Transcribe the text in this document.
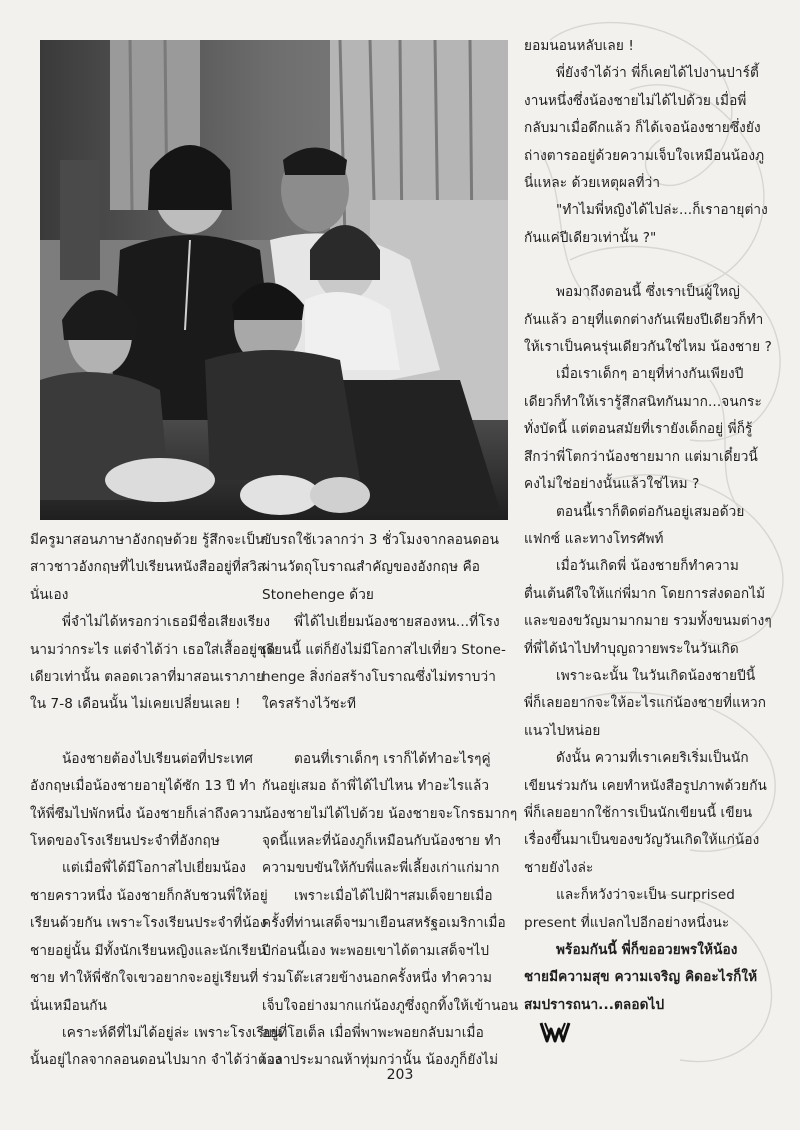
ยอมนอนหลับเลย !
พี่ยังจำได้ว่า พี่ก็เคยได้ไปงานปาร์ตี้
งานหนึ่งซึ่งน้องชายไม่ได้ไปด้วย เมื่อพี่
กลับมาเมื่อดึกแล้ว ก็ได้เจอน้องชายซึ่งยัง
ถ่างตารออยู่ด้วยความเจ็บใจเหมือนน้องภู
นี่แหละ ด้วยเหตุผลที่ว่า
"ทำไมพี่หญิงได้ไปล่ะ...ก็เราอายุต่าง
กันแค่ปีเดียวเท่านั้น ?"
พอมาถึงตอนนี้ ซึ่งเราเป็นผู้ใหญ่
กันแล้ว อายุที่แตกต่างกันเพียงปีเดียวก็ทำ
ให้เราเป็นคนรุ่นเดียวกันใช่ไหม น้องชาย ?
เมื่อเราเด็กๆ อายุที่ห่างกันเพียงปี
เดียวก็ทำให้เรารู้สึกสนิทกันมาก...จนกระ
ทั่งบัดนี้ แต่ตอนสมัยที่เรายังเด็กอยู่ พี่ก็รู้
สึกว่าพี่โตกว่าน้องชายมาก แต่มาเดี๋ยวนี้
คงไม่ใช่อย่างนั้นแล้วใช่ไหม ?
ตอนนี้เราก็ติดต่อกันอยู่เสมอด้วย
แฟกซ์ และทางโทรศัพท์
เมื่อวันเกิดพี่ น้องชายก็ทำความ
ตื่นเต้นดีใจให้แก่พี่มาก โดยการส่งดอกไม้
และของขวัญมามากมาย รวมทั้งขนมต่างๆ
ที่พี่ได้นำไปทำบุญถวายพระในวันเกิด
เพราะฉะนั้น ในวันเกิดน้องชายปีนี้
พี่ก็เลยอยากจะให้อะไรแก่น้องชายที่แหวก
แนวไปหน่อย
ดังนั้น ความที่เราเคยริเริ่มเป็นนัก
เขียนร่วมกัน เคยทำหนังสือรูปภาพด้วยกัน
พี่ก็เลยอยากใช้การเป็นนักเขียนนี้ เขียน
เรื่องขึ้นมาเป็นของขวัญวันเกิดให้แก่น้อง
ชายยังไงล่ะ
และก็หวังว่าจะเป็น surprised
present ที่แปลกไปอีกอย่างหนึ่งนะ
พร้อมกันนี้ พี่ก็ขออวยพรให้น้อง
ชายมีความสุข ความเจริญ คิดอะไรก็ให้
สมปรารถนา...ตลอดไป
มีครูมาสอนภาษาอังกฤษด้วย รู้สึกจะเป็น
สาวชาวอังกฤษที่ไปเรียนหนังสืออยู่ที่สวิส
นั่นเอง
พี่จำไม่ได้หรอกว่าเธอมีชื่อเสียงเรียง
นามว่ากระไร แต่จำได้ว่า เธอใส่เสื้ออยู่ชุด
เดียวเท่านั้น ตลอดเวลาที่มาสอนเราภาย
ใน 7-8 เดือนนั้น ไม่เคยเปลี่ยนเลย !
น้องชายต้องไปเรียนต่อที่ประเทศ
อังกฤษเมื่อน้องชายอายุได้ซัก 13 ปี ทำ
ให้พี่ซึมไปพักหนึ่ง น้องชายก็เล่าถึงความ
โหดของโรงเรียนประจำที่อังกฤษ
แต่เมื่อพี่ได้มีโอกาสไปเยี่ยมน้อง
ชายคราวหนึ่ง น้องชายก็กลับชวนพี่ให้อยู่
เรียนด้วยกัน เพราะโรงเรียนประจำที่น้อง
ชายอยู่นั้น มีทั้งนักเรียนหญิงและนักเรียน
ชาย ทำให้พี่ชักใจเขวอยากจะอยู่เรียนที่
นั่นเหมือนกัน
เคราะห์ดีที่ไม่ได้อยู่ล่ะ เพราะโรงเรียน
นั้นอยู่ไกลจากลอนดอนไปมาก จำได้ว่าต้อง
ขับรถใช้เวลากว่า 3 ชั่วโมงจากลอนดอน
ผ่านวัตถุโบราณสำคัญของอังกฤษ คือ
Stonehenge ด้วย
พี่ได้ไปเยี่ยมน้องชายสองหน...ที่โรง
เรียนนี้ แต่ก็ยังไม่มีโอกาสไปเที่ยว Stone-
henge สิ่งก่อสร้างโบราณซึ่งไม่ทราบว่า
ใครสร้างไว้ซะที
ตอนที่เราเด็กๆ เราก็ได้ทำอะไรๆคู่
กันอยู่เสมอ ถ้าพี่ได้ไปไหน ทำอะไรแล้ว
น้องชายไม่ได้ไปด้วย น้องชายจะโกรธมากๆ
จุดนี้แหละที่น้องภูก็เหมือนกับน้องชาย ทำ
ความขบขันให้กับพี่และพี่เลี้ยงเก่าแก่มาก
เพราะเมื่อได้ไปฝ้าฯสมเด็จยายเมื่อ
ครั้งที่ท่านเสด็จฯมาเยือนสหรัฐอเมริกาเมื่อ
ปีก่อนนี้เอง พะพอยเขาได้ตามเสด็จฯไป
ร่วมโต๊ะเสวยข้างนอกครั้งหนึ่ง ทำความ
เจ็บใจอย่างมากแก่น้องภูซึ่งถูกทิ้งให้เข้านอน
อยู่ที่โฮเต็ล เมื่อพี่พาพะพอยกลับมาเมื่อ
เวลาประมาณห้าทุ่มกว่านั้น น้องภูก็ยังไม่
203
